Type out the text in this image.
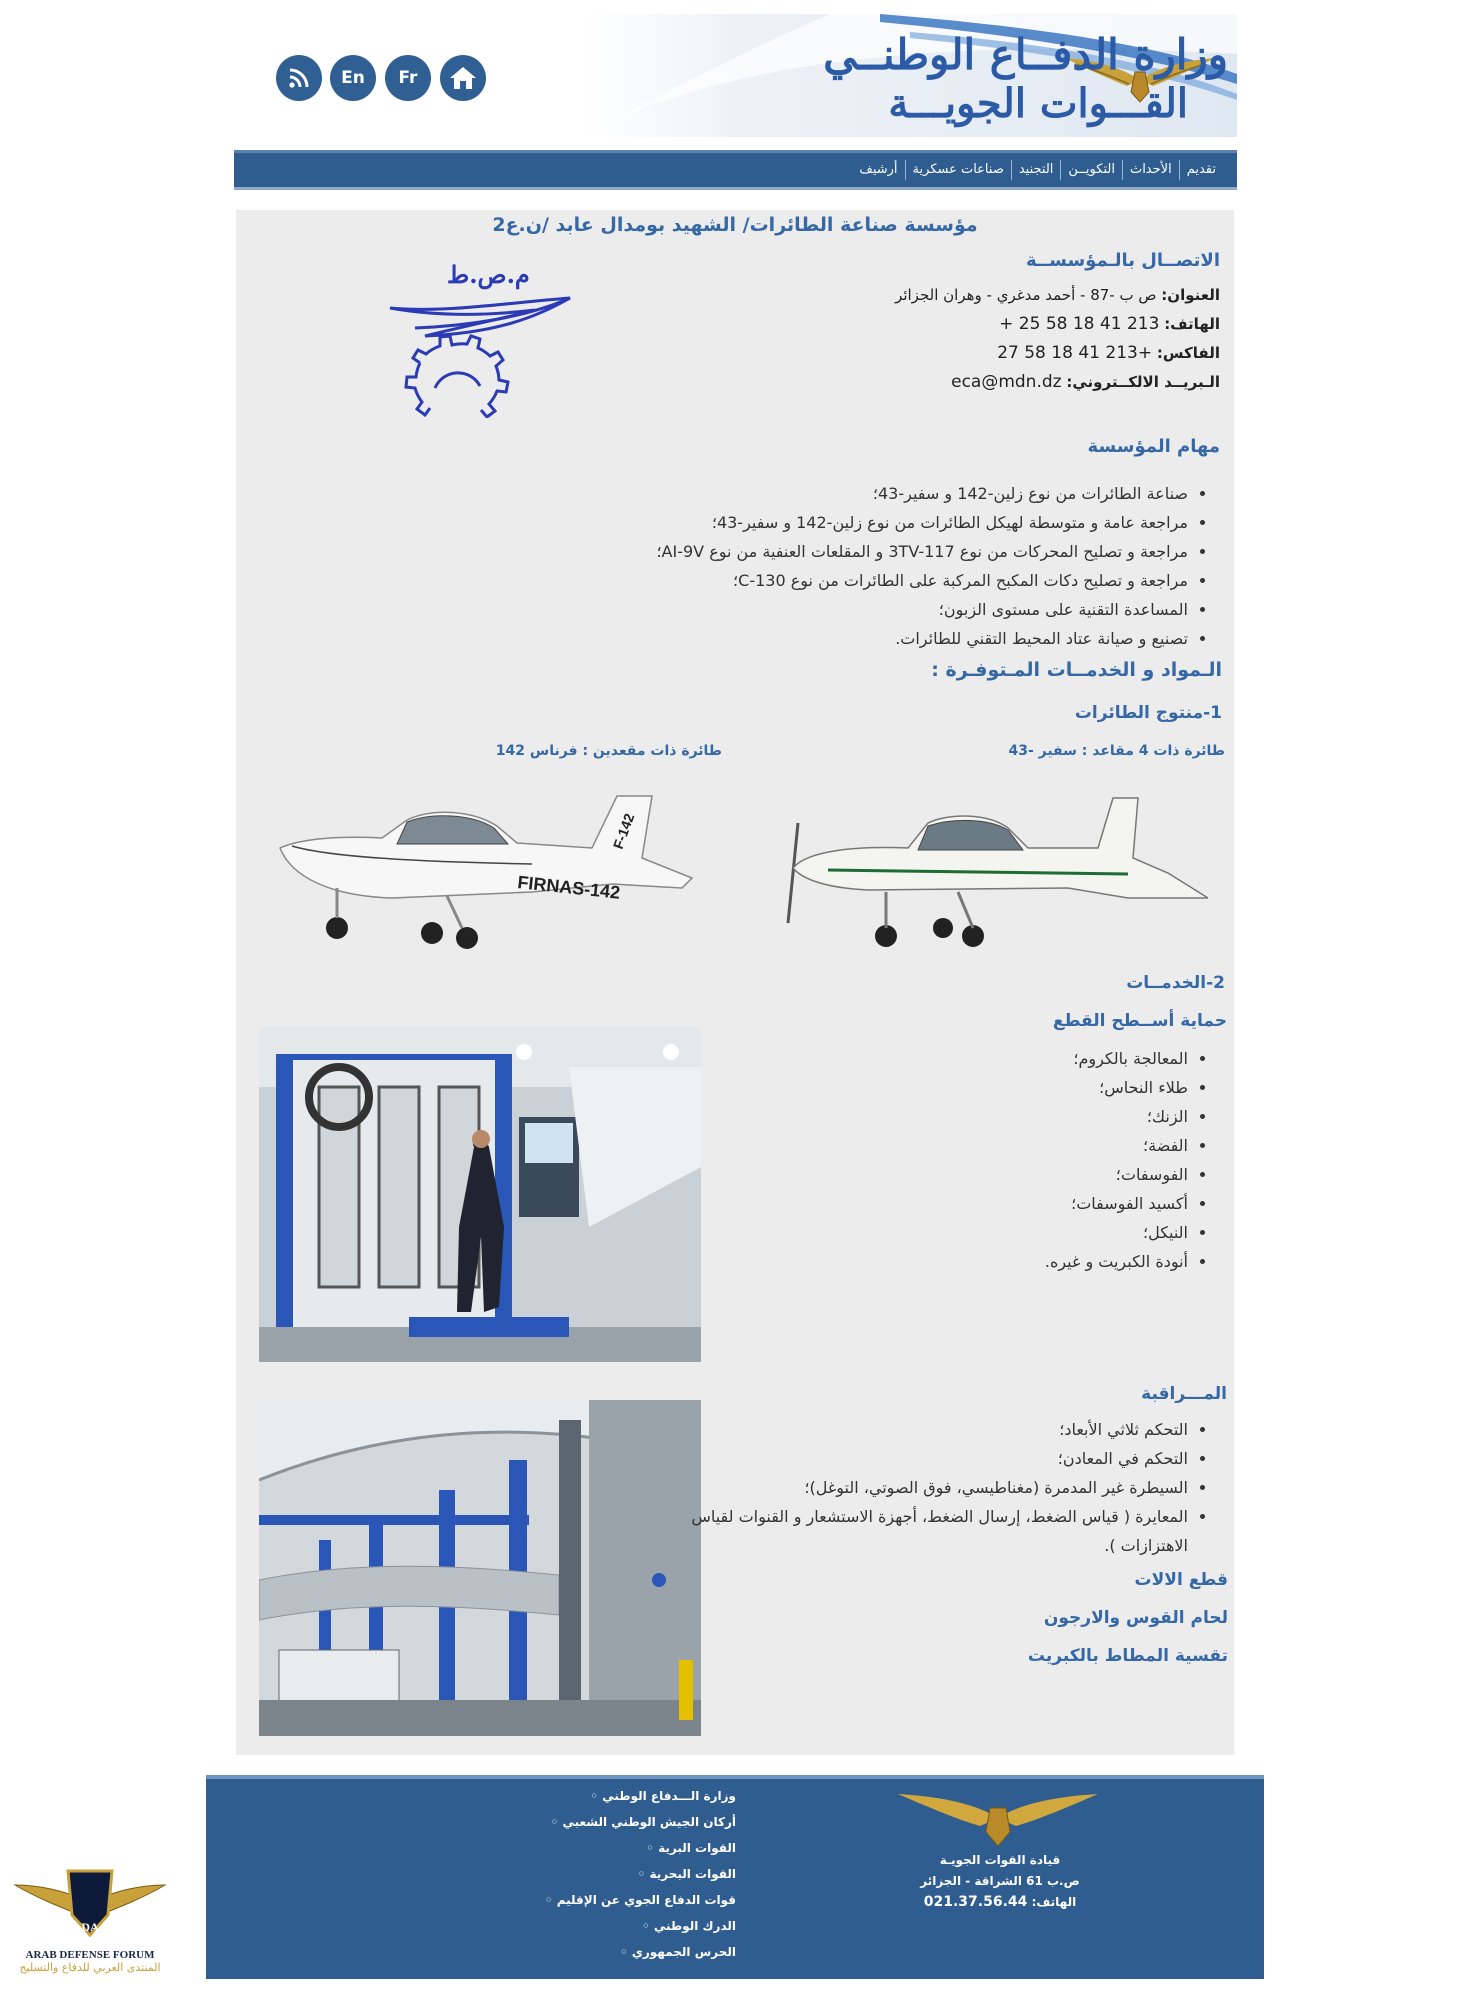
وزارة الدفــاع الوطنــي
القـــوات الجويـــة
En	Fr
تقديم
الأحداث
التكويــن
التجنيد
صناعات عسكرية
أرشيف
مؤسسة صناعة الطائرات/ الشهيد بومدال عابد /ن.ع2
الاتصــال بالـمؤسســة
العنوان: ص ب -87 - أحمد مدغري - وهران الجزائر
الهاتف: 213 41 18 58 25 +
الفاكس: +213 41 18 58 27
الـبريــد الالكــتروني: eca@mdn.dz
م.ص.ط
مهام المؤسسة
• صناعة الطائرات من نوع زلين-142 و سفير-43؛
• مراجعة عامة و متوسطة لهيكل الطائرات من نوع زلين-142 و سفير-43؛
• مراجعة و تصليح المحركات من نوع 3TV-117 و المقلعات العنفية من نوع AI-9V؛
• مراجعة و تصليح دكات المكبح المركبة على الطائرات من نوع C-130؛
• المساعدة التقنية على مستوى الزبون؛
• تصنيع و صيانة عتاد المحيط التقني للطائرات.
الـمواد و الخدمــات المـتوفـرة :
1-منتوج الطائرات
طائرة ذات 4 مقاعد : سفير -43
طائرة ذات مقعدين : فرناس 142
FIRNAS-142
F-142
2-الخدمــات
حماية أســطح القطع
• المعالجة بالكروم؛
• طلاء النحاس؛
• الزنك؛
• الفضة؛
• الفوسفات؛
• أكسيد الفوسفات؛
• النيكل؛
• أنودة الكبريت و غيره.
المـــراقبة
• التحكم ثلاثي الأبعاد؛
• التحكم في المعادن؛
• السيطرة غير المدمرة (مغناطيسي، فوق الصوتي، التوغل)؛
• المعايرة ( قياس الضغط، إرسال الضغط، أجهزة الاستشعار و القنوات لقياس الاهتزازات ).
قطع الالات
لحام القوس والارجون
تقسية المطاط بالكبريت
وزارة الـــدفاع الوطني ◦
أركان الجيش الوطني الشعبي ◦
القوات البرية ◦
القوات البحرية ◦
قوات الدفاع الجوي عن الإقليم ◦
الدرك الوطني ◦
الحرس الجمهوري ◦
قيادة القوات الجويـة
ص.ب 61 الشراقة - الجزائر
الهاتف: 021.37.56.44
DA
ARAB DEFENSE FORUM
المنتدى العربي للدفاع والتسليح
